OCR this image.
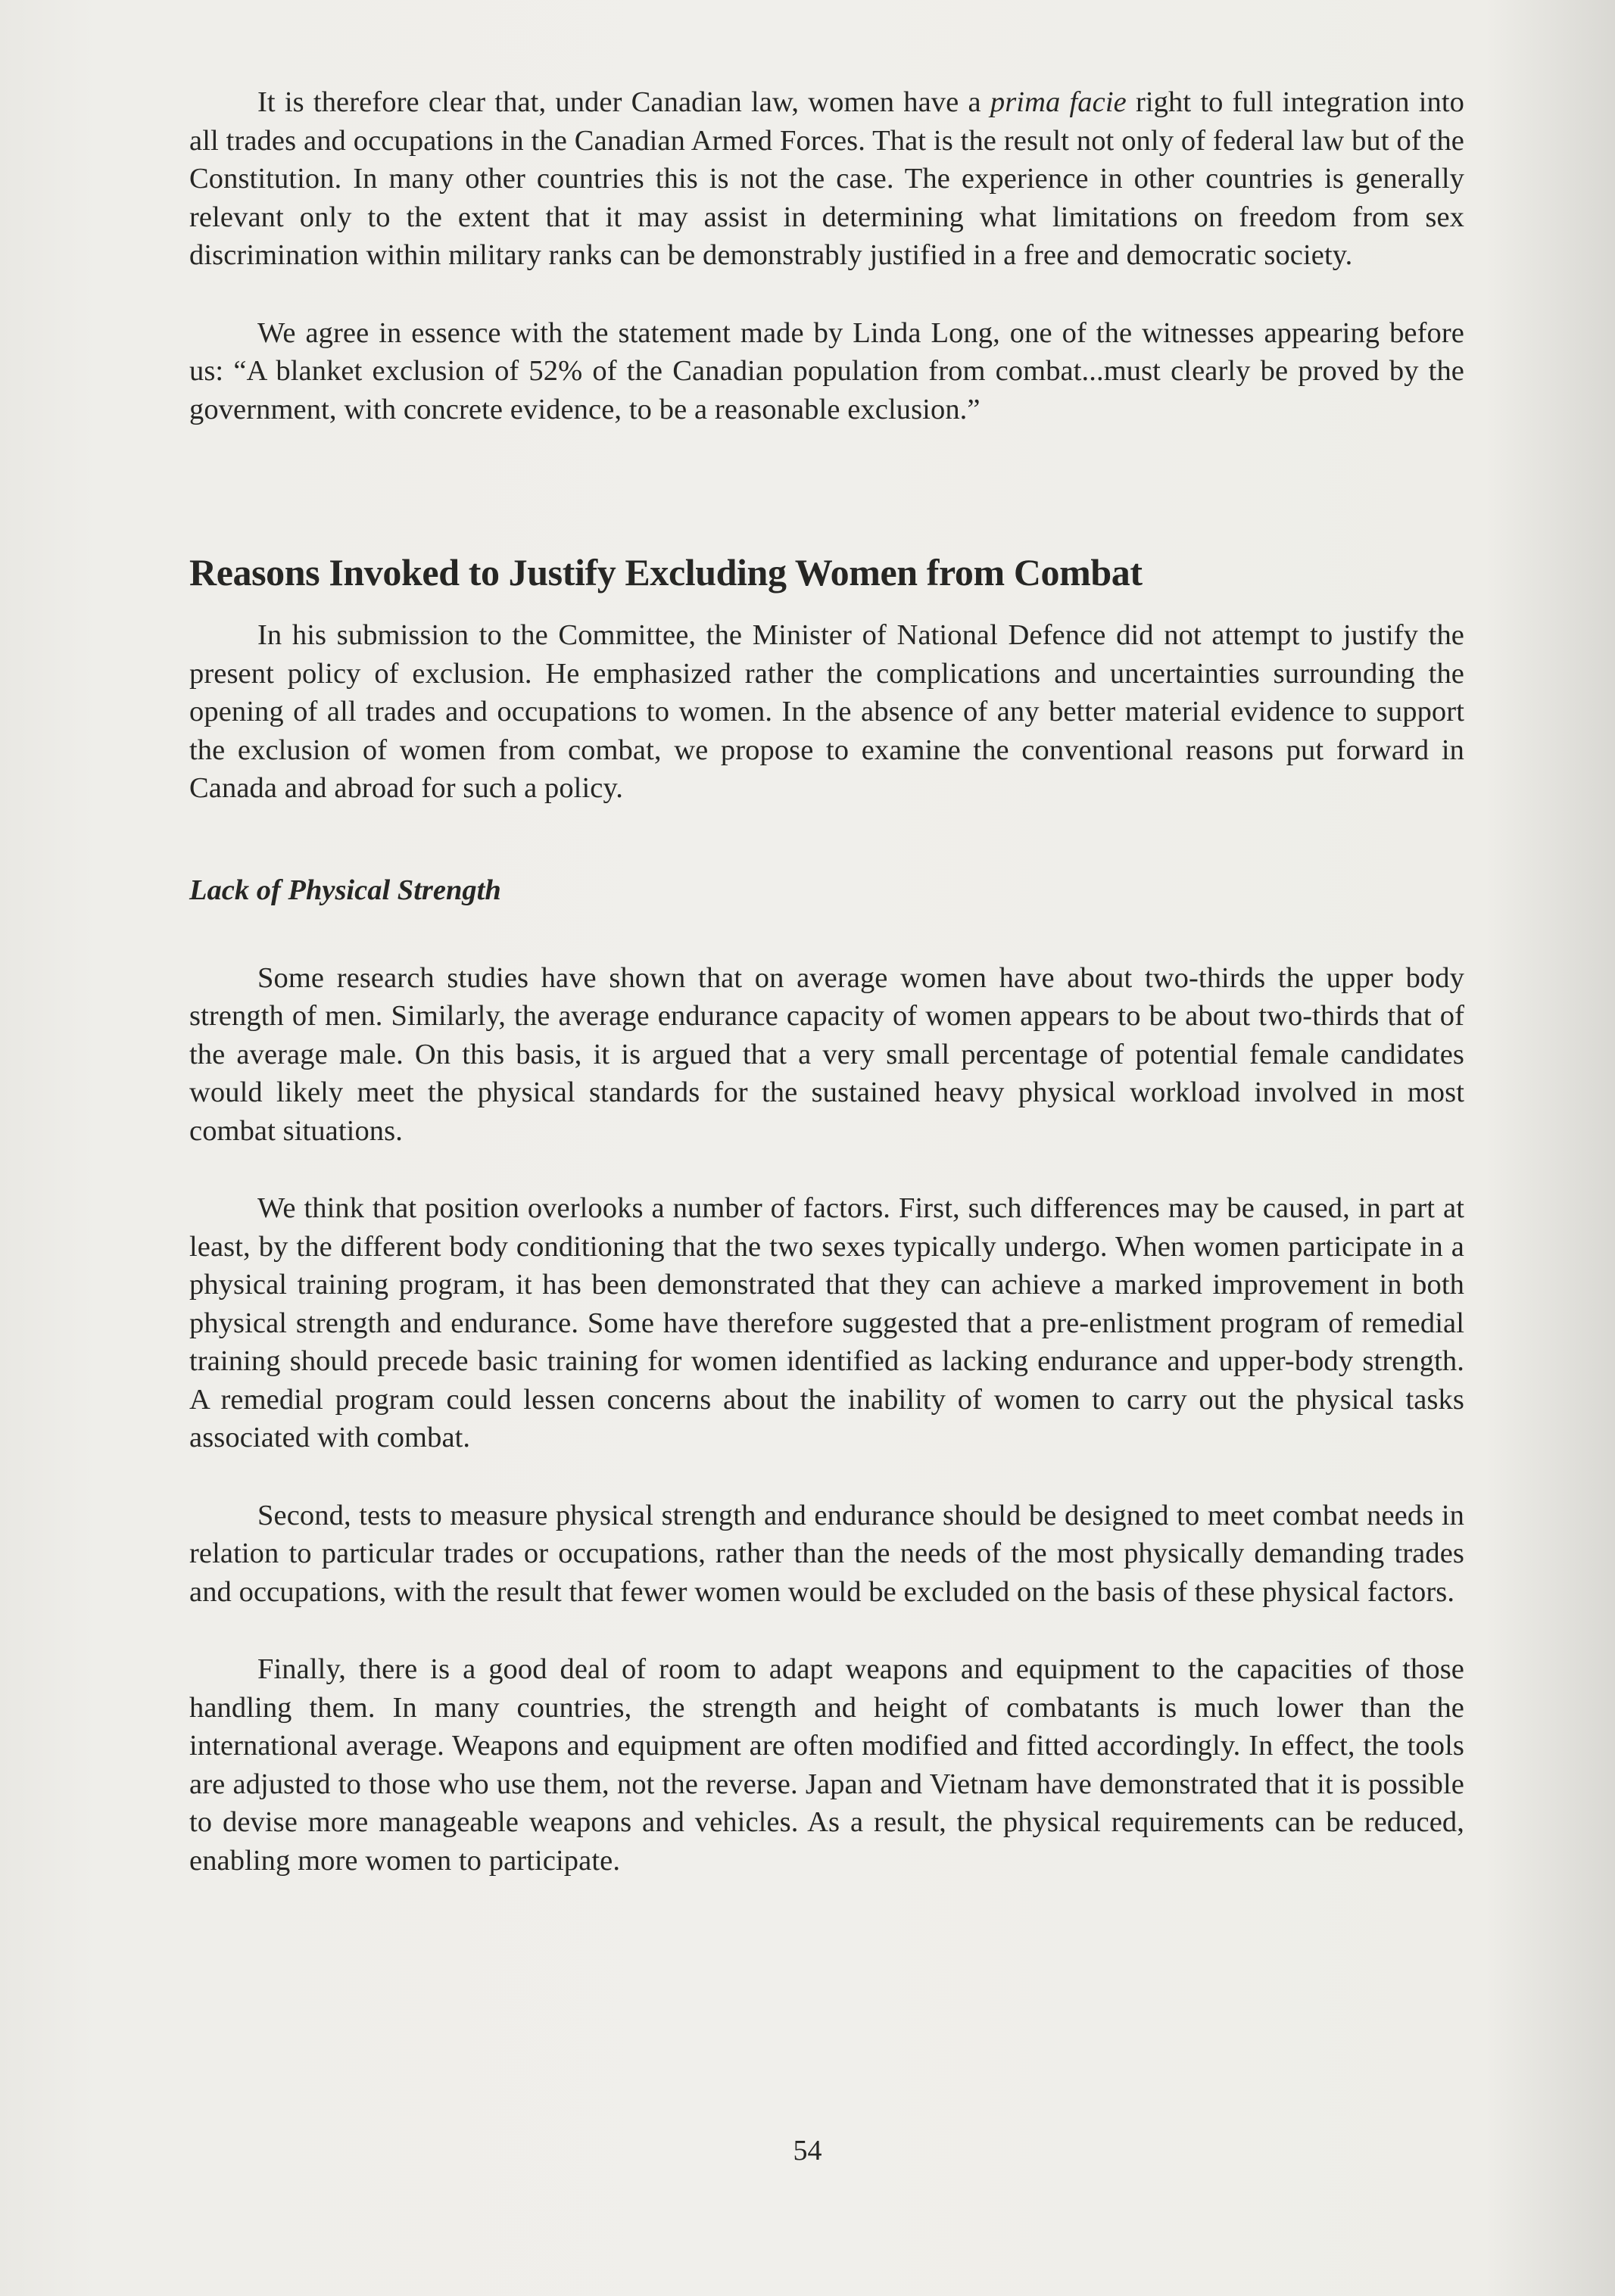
It is therefore clear that, under Canadian law, women have a prima facie right to full integration into all trades and occupations in the Canadian Armed Forces. That is the result not only of federal law but of the Constitution. In many other countries this is not the case. The experience in other countries is generally relevant only to the extent that it may assist in determining what limitations on freedom from sex discrimination within military ranks can be demonstrably justified in a free and democratic society.

We agree in essence with the statement made by Linda Long, one of the witnesses appearing before us: “A blanket exclusion of 52% of the Canadian population from combat...must clearly be proved by the government, with concrete evidence, to be a reasonable exclusion.”

Reasons Invoked to Justify Excluding Women from Combat

In his submission to the Committee, the Minister of National Defence did not attempt to justify the present policy of exclusion. He emphasized rather the complications and uncertainties surrounding the opening of all trades and occupations to women. In the absence of any better material evidence to support the exclusion of women from combat, we propose to examine the conventional reasons put forward in Canada and abroad for such a policy.

Lack of Physical Strength

Some research studies have shown that on average women have about two-thirds the upper body strength of men. Similarly, the average endurance capacity of women appears to be about two-thirds that of the average male. On this basis, it is argued that a very small percentage of potential female candidates would likely meet the physical standards for the sustained heavy physical workload involved in most combat situations.

We think that position overlooks a number of factors. First, such differences may be caused, in part at least, by the different body conditioning that the two sexes typically undergo. When women participate in a physical training program, it has been demonstrated that they can achieve a marked improvement in both physical strength and endurance. Some have therefore suggested that a pre-enlistment program of remedial training should precede basic training for women identified as lacking endurance and upper-body strength. A remedial program could lessen concerns about the inability of women to carry out the physical tasks associated with combat.

Second, tests to measure physical strength and endurance should be designed to meet combat needs in relation to particular trades or occupations, rather than the needs of the most physically demanding trades and occupations, with the result that fewer women would be excluded on the basis of these physical factors.

Finally, there is a good deal of room to adapt weapons and equipment to the capacities of those handling them. In many countries, the strength and height of combatants is much lower than the international average. Weapons and equipment are often modified and fitted accordingly. In effect, the tools are adjusted to those who use them, not the reverse. Japan and Vietnam have demonstrated that it is possible to devise more manageable weapons and vehicles. As a result, the physical requirements can be reduced, enabling more women to participate.

54
